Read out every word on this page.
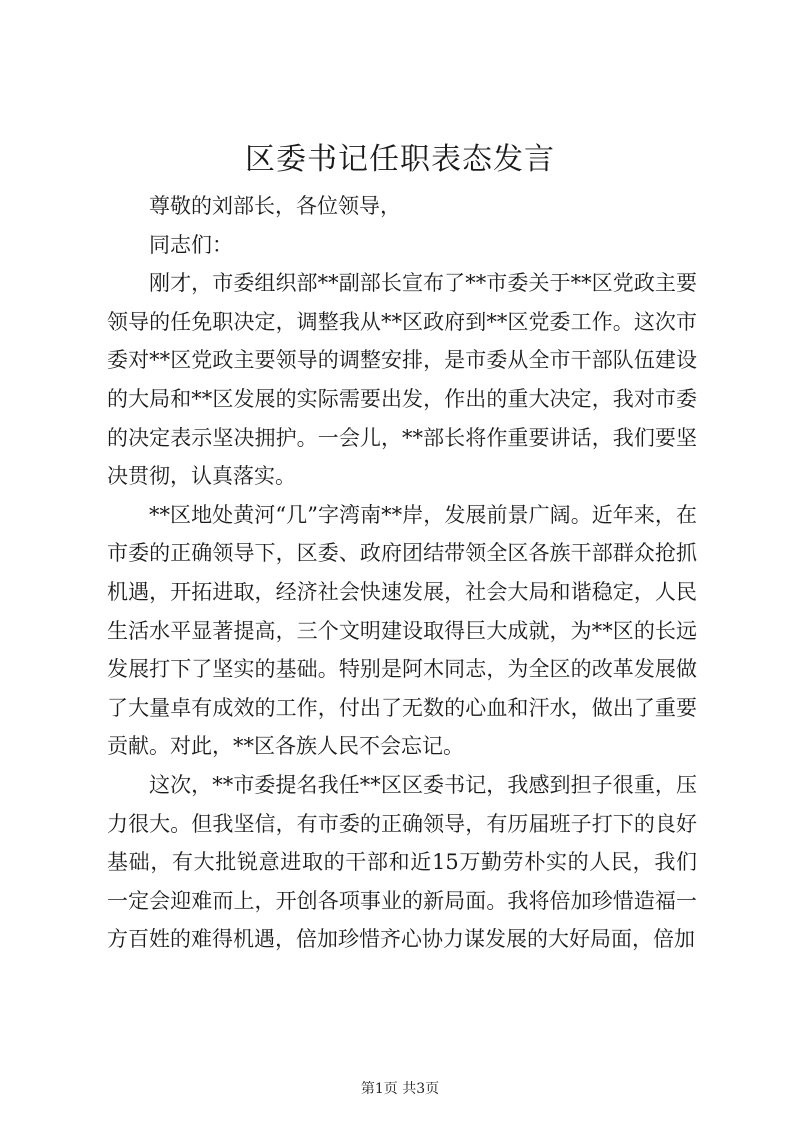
区委书记任职表态发言

尊敬的刘部长，各位领导，

同志们：

刚才，市委组织部**副部长宣布了**市委关于**区党政主要领导的任免职决定，调整我从**区政府到**区党委工作。这次市委对**区党政主要领导的调整安排，是市委从全市干部队伍建设的大局和**区发展的实际需要出发，作出的重大决定，我对市委的决定表示坚决拥护。一会儿，**部长将作重要讲话，我们要坚决贯彻，认真落实。

**区地处黄河“几”字湾南**岸，发展前景广阔。近年来，在市委的正确领导下，区委、政府团结带领全区各族干部群众抢抓机遇，开拓进取，经济社会快速发展，社会大局和谐稳定，人民生活水平显著提高，三个文明建设取得巨大成就，为**区的长远发展打下了坚实的基础。特别是阿木同志，为全区的改革发展做了大量卓有成效的工作，付出了无数的心血和汗水，做出了重要贡献。对此，**区各族人民不会忘记。

这次，**市委提名我任**区区委书记，我感到担子很重，压力很大。但我坚信，有市委的正确领导，有历届班子打下的良好基础，有大批锐意进取的干部和近15万勤劳朴实的人民，我们一定会迎难而上，开创各项事业的新局面。我将倍加珍惜造福一方百姓的难得机遇，倍加珍惜齐心协力谋发展的大好局面，倍加

第1页 共3页
